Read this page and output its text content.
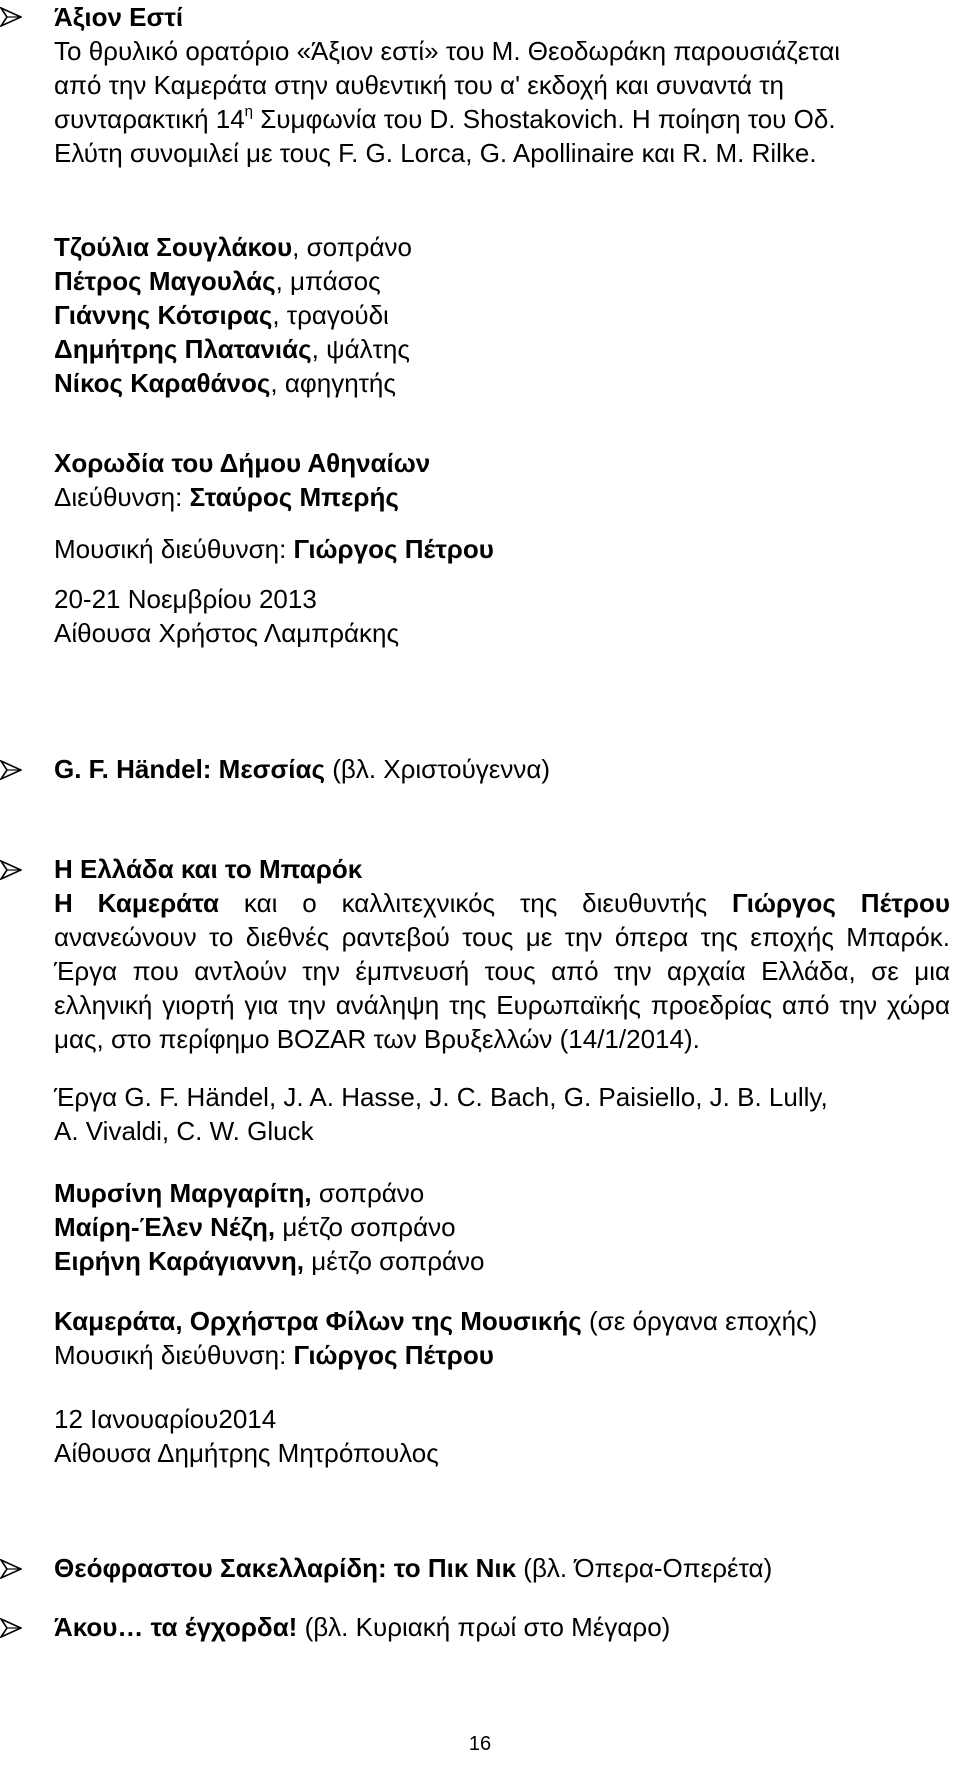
Άξιον Εστί

Το θρυλικό ορατόριο «Άξιον εστί» του Μ. Θεοδωράκη παρουσιάζεται

από την Καμεράτα στην αυθεντική του α' εκδοχή και συναντά τη

συνταρακτική $14^\eta$ Συμφωνία του D. Shostakovich. Η ποίηση του Οδ.

Ελύτη συνομιλεί με τους F. G. Lorca, G. Apollinaire και R. M. Rilke.

Τζούλια Σουγλάκου, σοπράνο

Πέτρος Μαγουλάς, μπάσος

Γιάννης Κότσιρας, τραγούδι

Δημήτρης Πλατανιάς, ψάλτης

Νίκος Καραθάνος, αφηγητής

Χορωδία του Δήμου Αθηναίων

Διεύθυνση: Σταύρος Μπερής

Μουσική διεύθυνση: Γιώργος Πέτρου

20-21 Νοεμβρίου 2013

Αίθουσα Χρήστος Λαμπράκης

G. F. Händel: Μεσσίας (βλ. Χριστούγεννα)

Η Ελλάδα και το Μπαρόκ

Η Καμεράτα και ο καλλιτεχνικός της διευθυντής Γιώργος Πέτρου ανανεώνουν το διεθνές ραντεβού τους με την όπερα της εποχής Μπαρόκ. Έργα που αντλούν την έμπνευσή τους από την αρχαία Ελλάδα, σε μια ελληνική γιορτή για την ανάληψη της Ευρωπαϊκής προεδρίας από την χώρα μας, στο περίφημο BOZAR των Βρυξελλών (14/1/2014).

Έργα G. F. Händel, J. A. Hasse, J. C. Bach, G. Paisiello, J. B. Lully,

A. Vivaldi, C. W. Gluck

Μυρσίνη Μαργαρίτη, σοπράνο

Μαίρη-Έλεν Νέζη, μέτζο σοπράνο

Ειρήνη Καράγιαννη, μέτζο σοπράνο

Καμεράτα, Ορχήστρα Φίλων της Μουσικής (σε όργανα εποχής)

Μουσική διεύθυνση: Γιώργος Πέτρου

12 Ιανουαρίου2014

Αίθουσα Δημήτρης Μητρόπουλος

Θεόφραστου Σακελλαρίδη: το Πικ Νικ (βλ. Όπερα-Οπερέτα)

Άκου… τα έγχορδα! (βλ. Κυριακή πρωί στο Μέγαρο)

16
